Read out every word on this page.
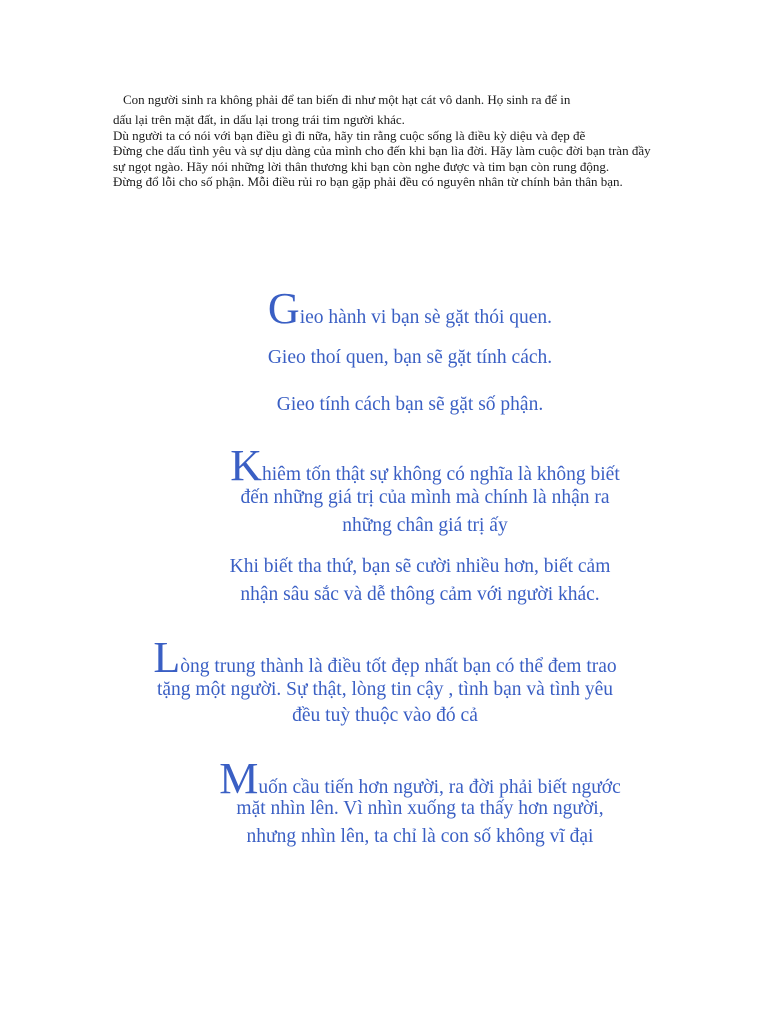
Con người sinh ra không phải để tan biến đi như một hạt cát vô danh. Họ sinh ra để in

dấu lại trên mặt đất, in dấu lại trong trái tim người khác.

Dù người ta có nói với bạn điều gì đi nữa, hãy tin rằng cuộc sống là điều kỳ diệu và đẹp đẽ

Đừng che dấu tình yêu và sự dịu dàng của mình cho đến khi bạn lìa đời. Hãy làm cuộc đời bạn tràn đầy sự ngọt ngào. Hãy nói những lời thân thương khi bạn còn nghe được và tim bạn còn rung động.

Đừng đổ lỗi cho số phận. Mỗi điều rủi ro bạn gặp phải đều có nguyên nhân từ chính bản thân bạn.

Gieo hành vi bạn sè gặt thói quen.

Gieo thoí quen, bạn sẽ gặt tính cách.

Gieo tính cách bạn sẽ gặt số phận.

Khiêm tốn thật sự không có nghĩa là không biết

đến những giá trị của mình mà chính là nhận ra

những chân giá trị ấy

Khi biết tha thứ, bạn sẽ cười nhiều hơn, biết cảm

nhận sâu sắc và dễ thông cảm với người khác.

Lòng trung thành là điều tốt đẹp nhất bạn có thể đem trao

tặng một người. Sự thật, lòng tin cậy , tình bạn và tình yêu

đều tuỳ thuộc vào đó cả

Muốn cầu tiến hơn người, ra đời phải biết ngước

mặt nhìn lên. Vì nhìn xuống ta thấy hơn người,

nhưng nhìn lên, ta chỉ là con số không vĩ đại
